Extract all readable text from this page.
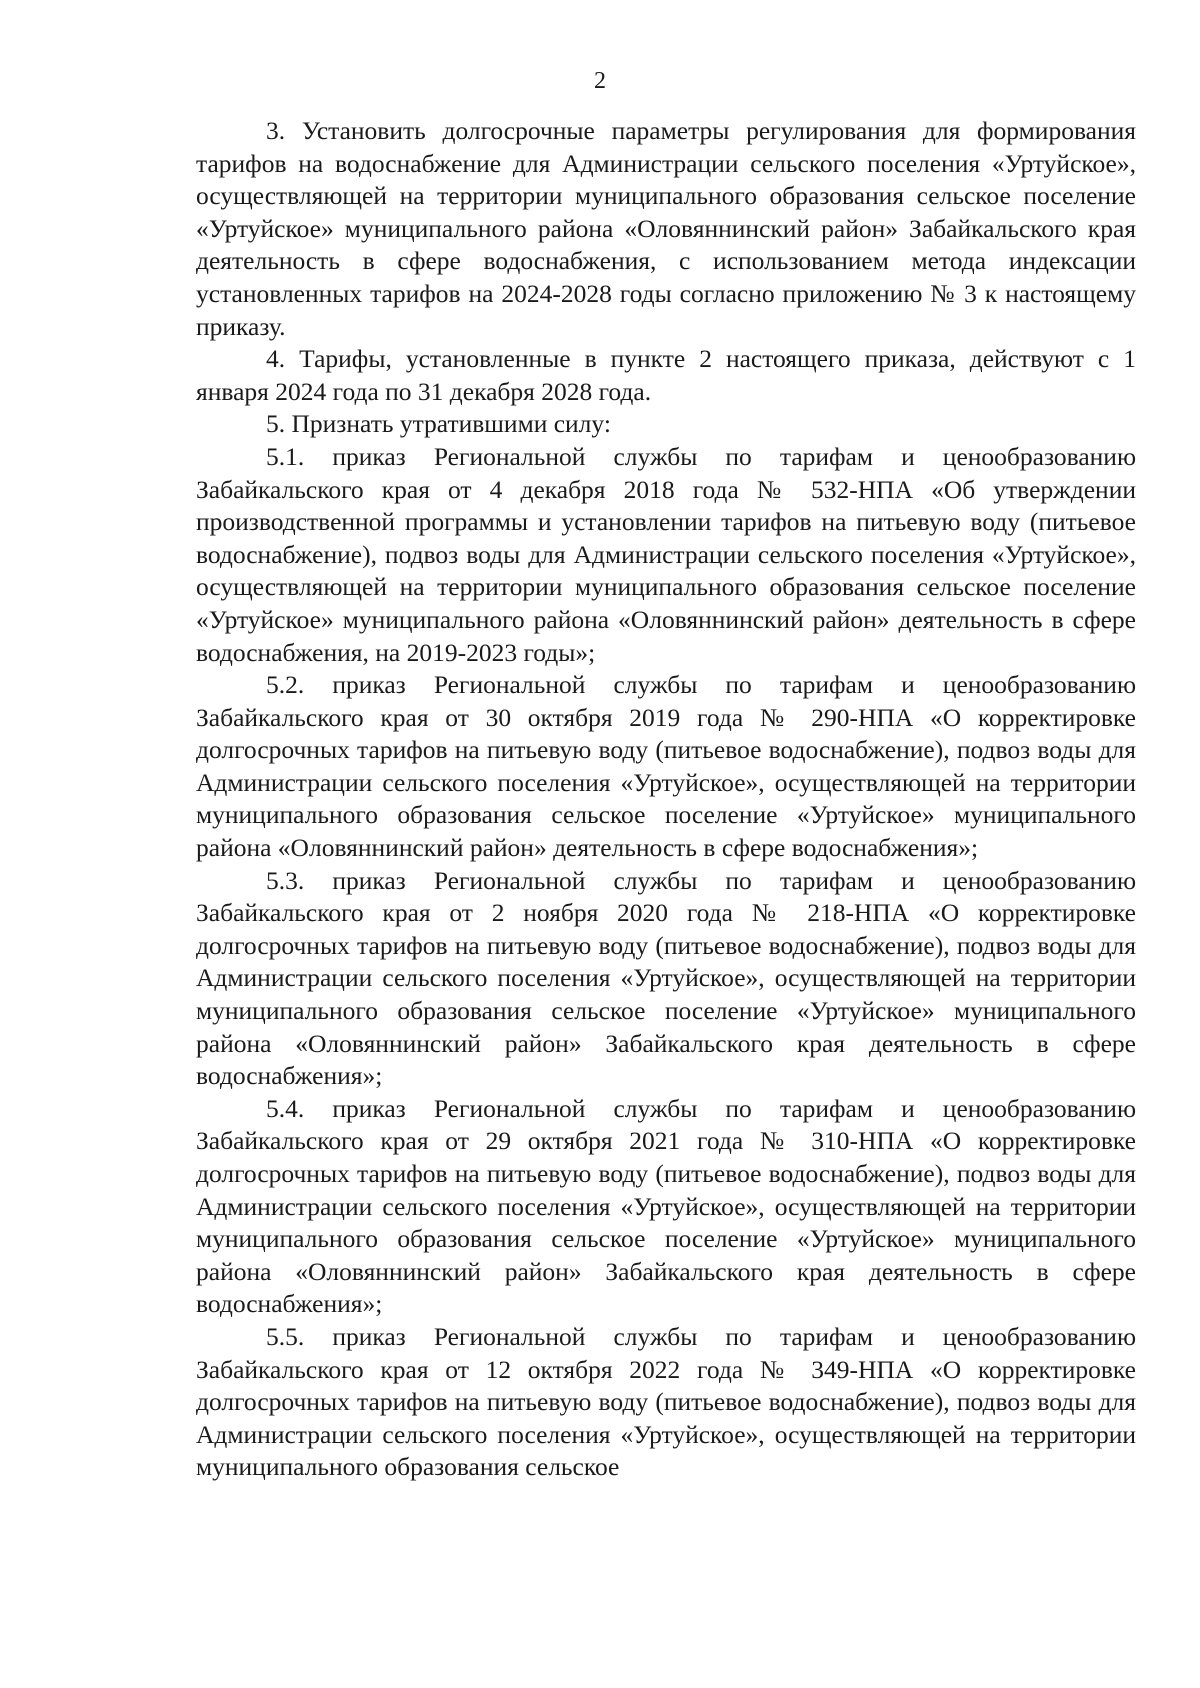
2

3. Установить долгосрочные параметры регулирования для формирования тарифов на водоснабжение для Администрации сельского поселения «Уртуйское», осуществляющей на территории муниципального образования сельское поселение «Уртуйское» муниципального района «Оловяннинский район» Забайкальского края деятельность в сфере водоснабжения, с использованием метода индексации установленных тарифов на 2024-2028 годы согласно приложению № 3 к настоящему приказу.

4. Тарифы, установленные в пункте 2 настоящего приказа, действуют с 1 января 2024 года по 31 декабря 2028 года.

5. Признать утратившими силу:

5.1. приказ Региональной службы по тарифам и ценообразованию Забайкальского края от 4 декабря 2018 года № 532-НПА «Об утверждении производственной программы и установлении тарифов на питьевую воду (питьевое водоснабжение), подвоз воды для Администрации сельского поселения «Уртуйское», осуществляющей на территории муниципального образования сельское поселение «Уртуйское» муниципального района «Оловяннинский район» деятельность в сфере водоснабжения, на 2019-2023 годы»;

5.2. приказ Региональной службы по тарифам и ценообразованию Забайкальского края от 30 октября 2019 года № 290-НПА «О корректировке долгосрочных тарифов на питьевую воду (питьевое водоснабжение), подвоз воды для Администрации сельского поселения «Уртуйское», осуществляющей на территории муниципального образования сельское поселение «Уртуйское» муниципального района «Оловяннинский район» деятельность в сфере водоснабжения»;

5.3. приказ Региональной службы по тарифам и ценообразованию Забайкальского края от 2 ноября 2020 года № 218-НПА «О корректировке долгосрочных тарифов на питьевую воду (питьевое водоснабжение), подвоз воды для Администрации сельского поселения «Уртуйское», осуществляющей на территории муниципального образования сельское поселение «Уртуйское» муниципального района «Оловяннинский район» Забайкальского края деятельность в сфере водоснабжения»;

5.4. приказ Региональной службы по тарифам и ценообразованию Забайкальского края от 29 октября 2021 года № 310-НПА «О корректировке долгосрочных тарифов на питьевую воду (питьевое водоснабжение), подвоз воды для Администрации сельского поселения «Уртуйское», осуществляющей на территории муниципального образования сельское поселение «Уртуйское» муниципального района «Оловяннинский район» Забайкальского края деятельность в сфере водоснабжения»;

5.5. приказ Региональной службы по тарифам и ценообразованию Забайкальского края от 12 октября 2022 года № 349-НПА «О корректировке долгосрочных тарифов на питьевую воду (питьевое водоснабжение), подвоз воды для Администрации сельского поселения «Уртуйское», осуществляющей на территории муниципального образования сельское
